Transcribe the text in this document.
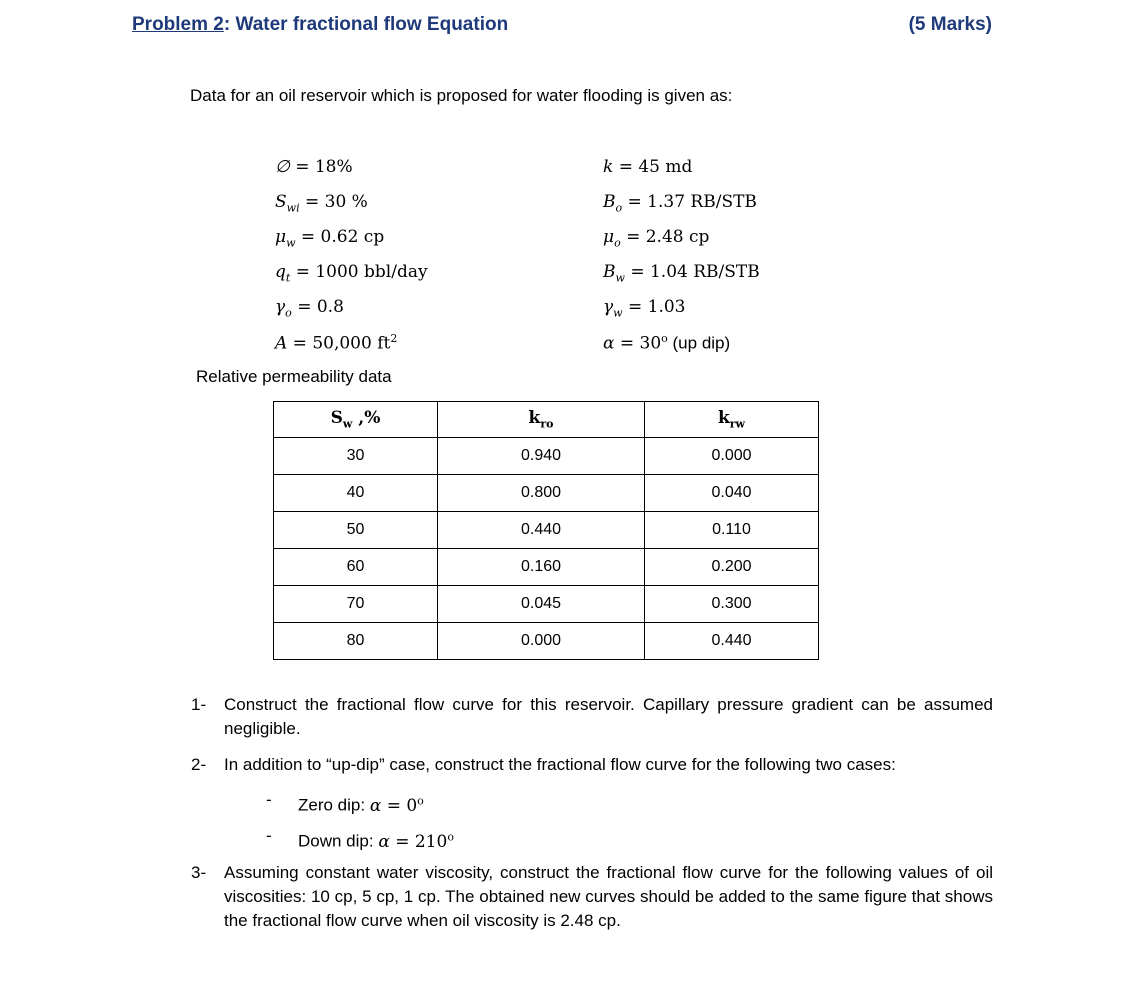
Problem 2: Water fractional flow Equation	(5 Marks)
Data for an oil reservoir which is proposed for water flooding is given as:
∅ = 18%
$S_{wi} = 30$ %
$\mu_w = 0.62$ cp
$q_t = 1000$ bbl/day
$\gamma_o = 0.8$
A = 50,000 $ft^2$
k = 45 md
$B_o = 1.37$ RB/STB
$\mu_o = 2.48$ cp
$B_w = 1.04$ RB/STB
$\gamma_w = 1.03$
$\alpha = 30^o$ (up dip)
Relative permeability data
$S_w$ ,%	$k_{ro}$	$k_{rw}$
30	0.940	0.000
40	0.800	0.040
50	0.440	0.110
60	0.160	0.200
70	0.045	0.300
80	0.000	0.440
1- Construct the fractional flow curve for this reservoir. Capillary pressure gradient can be assumed negligible.
2- In addition to “up-dip” case, construct the fractional flow curve for the following two cases:
- Zero dip: $\alpha = 0^o$
- Down dip: $\alpha = 210^o$
3- Assuming constant water viscosity, construct the fractional flow curve for the following values of oil viscosities: 10 cp, 5 cp, 1 cp. The obtained new curves should be added to the same figure that shows the fractional flow curve when oil viscosity is 2.48 cp.
